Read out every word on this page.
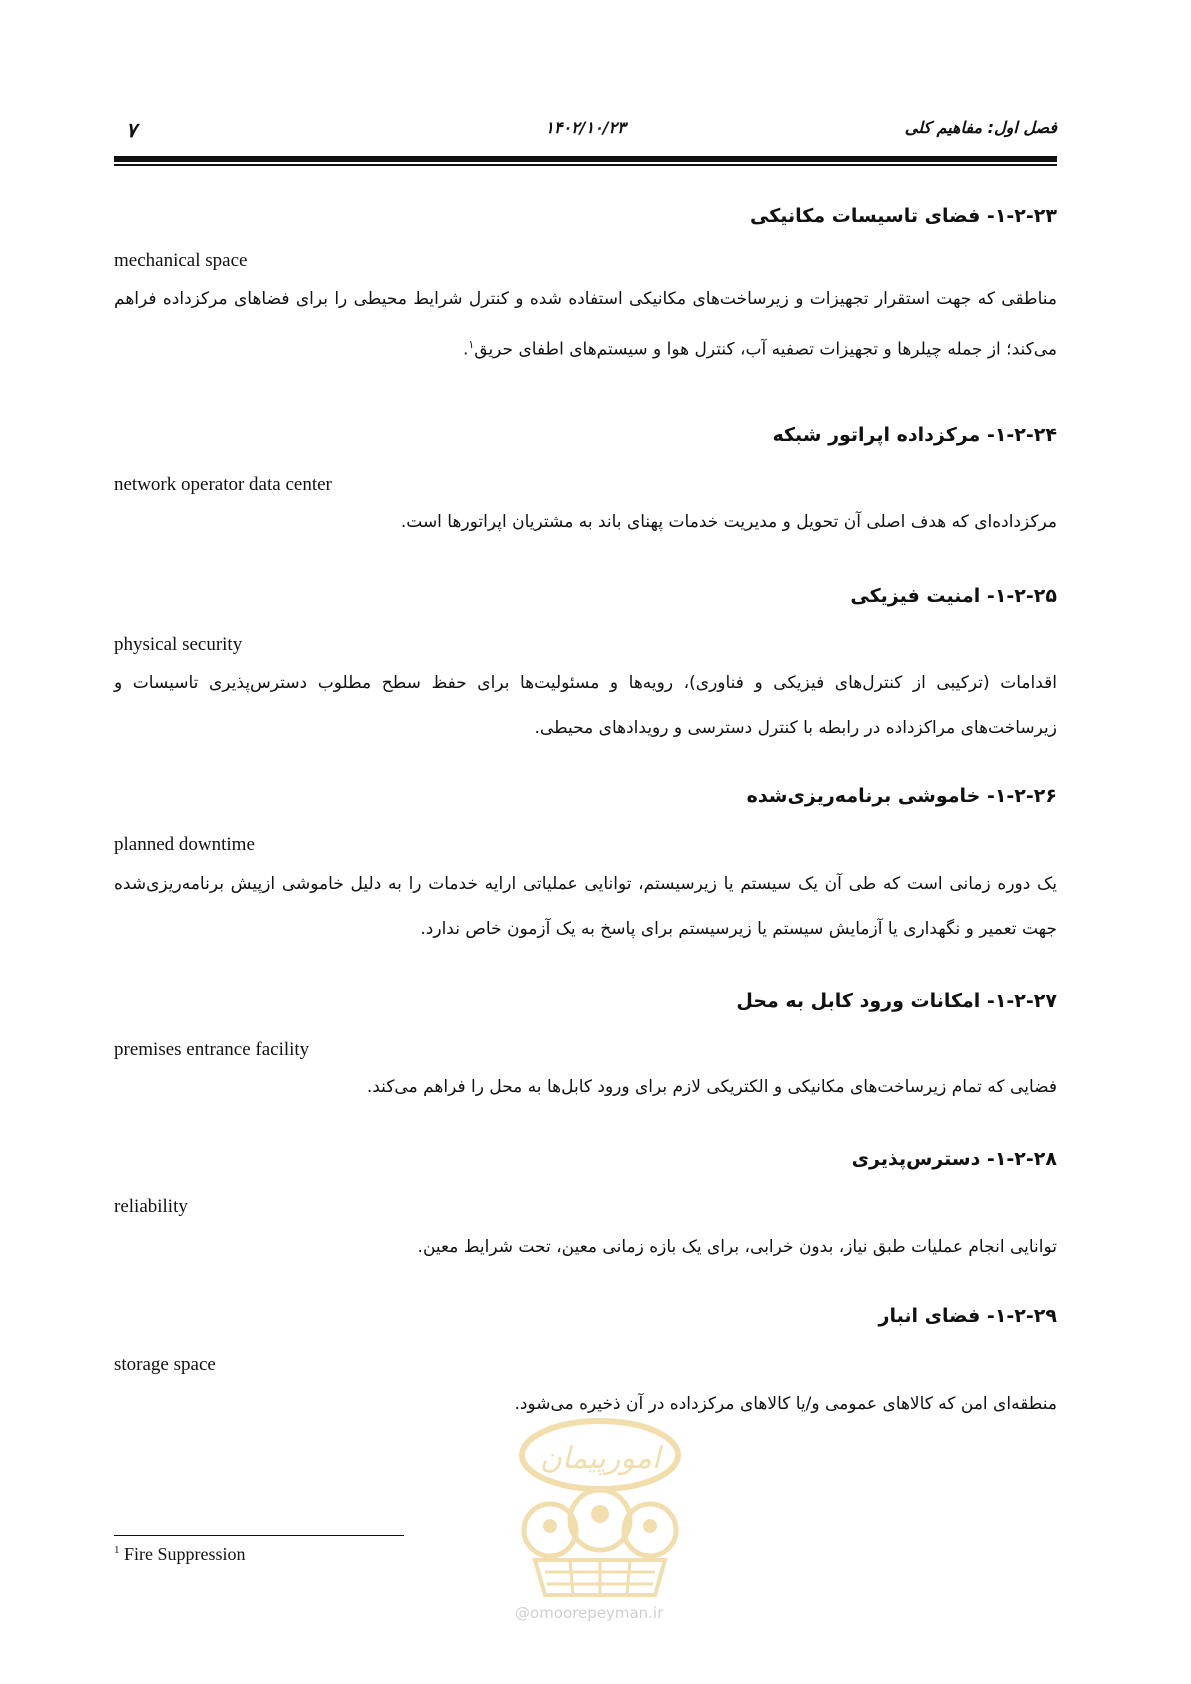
۷	۱۴۰۲/۱۰/۲۳	فصل اول: مفاهیم کلی
۱-۲-۲۳- فضای تاسیسات مکانیکی
mechanical space
مناطقی که جهت استقرار تجهیزات و زیرساخت‌های مکانیکی استفاده شده و کنترل شرایط محیطی را برای فضاهای مرکزداده فراهم می‌کند؛ از جمله چیلرها و تجهیزات تصفیه آب، کنترل هوا و سیستم‌های اطفای حریق$^۱$.
۱-۲-۲۴- مرکزداده اپراتور شبکه
network operator data center
مرکزداده‌ای که هدف اصلی آن تحویل و مدیریت خدمات پهنای باند به مشتریان اپراتورها است.
۱-۲-۲۵- امنیت فیزیکی
physical security
اقدامات (ترکیبی از کنترل‌های فیزیکی و فناوری)، رویه‌ها و مسئولیت‌ها برای حفظ سطح مطلوب دسترس‌پذیری تاسیسات و زیرساخت‌های مراکزداده در رابطه با کنترل دسترسی و رویدادهای محیطی.
۱-۲-۲۶- خاموشی برنامه‌ریزی‌شده
planned downtime
یک دوره زمانی است که طی آن یک سیستم یا زیرسیستم، توانایی عملیاتی ارایه خدمات را به دلیل خاموشی ازپیش برنامه‌ریزی‌شده جهت تعمیر و نگهداری یا آزمایش سیستم یا زیرسیستم برای پاسخ به یک آزمون خاص ندارد.
۱-۲-۲۷- امکانات ورود کابل به محل
premises entrance facility
فضایی که تمام زیرساخت‌های مکانیکی و الکتریکی لازم برای ورود کابل‌ها به محل را فراهم می‌کند.
۱-۲-۲۸- دسترس‌پذیری
reliability
توانایی انجام عملیات طبق نیاز، بدون خرابی، برای یک بازه زمانی معین، تحت شرایط معین.
۱-۲-۲۹- فضای انبار
storage space
منطقه‌ای امن که کالاهای عمومی و/یا کالاهای مرکزداده در آن ذخیره می‌شود.
امورپیمان
@omoorepeyman.ir
$^1$ Fire Suppression
